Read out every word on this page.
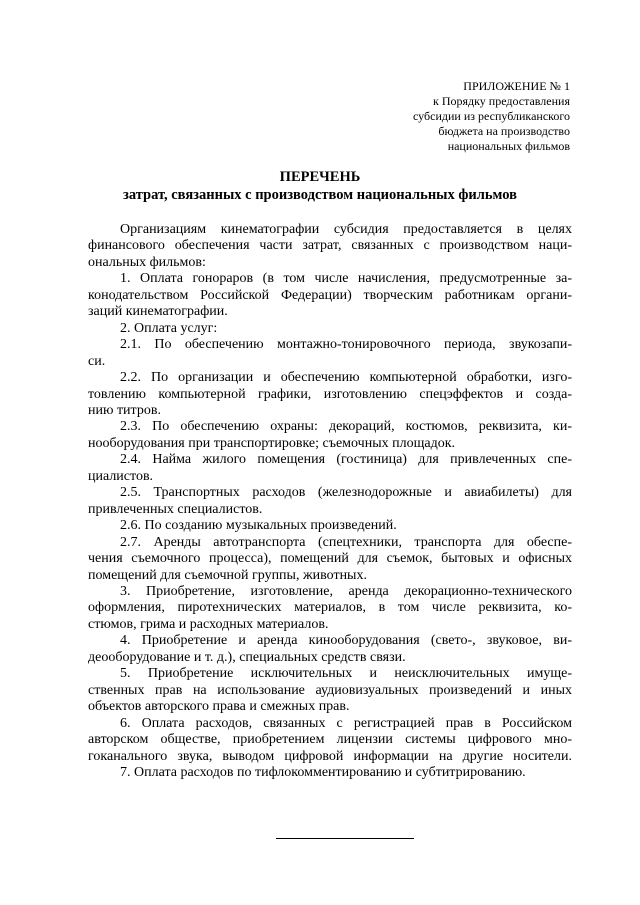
ПРИЛОЖЕНИЕ № 1
к Порядку предоставления
субсидии из республиканского
бюджета на производство
национальных фильмов
ПЕРЕЧЕНЬ
затрат, связанных с производством национальных фильмов
Организациям кинематографии субсидия предоставляется в целях
финансового обеспечения части затрат, связанных с производством наци-
ональных фильмов:
1. Оплата гонораров (в том числе начисления, предусмотренные за-
конодательством Российской Федерации) творческим работникам органи-
заций кинематографии.
2. Оплата услуг:
2.1. По обеспечению монтажно-тонировочного периода, звукозапи-
си.
2.2. По организации и обеспечению компьютерной обработки, изго-
товлению компьютерной графики, изготовлению спецэффектов и созда-
нию титров.
2.3. По обеспечению охраны: декораций, костюмов, реквизита, ки-
нооборудования при транспортировке; съемочных площадок.
2.4. Найма жилого помещения (гостиница) для привлеченных спе-
циалистов.
2.5. Транспортных расходов (железнодорожные и авиабилеты) для
привлеченных специалистов.
2.6. По созданию музыкальных произведений.
2.7. Аренды автотранспорта (спецтехники, транспорта для обеспе-
чения съемочного процесса), помещений для съемок, бытовых и офисных
помещений для съемочной группы, животных.
3. Приобретение, изготовление, аренда декорационно-технического
оформления, пиротехнических материалов, в том числе реквизита, ко-
стюмов, грима и расходных материалов.
4. Приобретение и аренда кинооборудования (свето-, звуковое, ви-
деооборудование и т. д.), специальных средств связи.
5. Приобретение исключительных и неисключительных имуще-
ственных прав на использование аудиовизуальных произведений и иных
объектов авторского права и смежных прав.
6. Оплата расходов, связанных с регистрацией прав в Российском
авторском обществе, приобретением лицензии системы цифрового мно-
гоканального звука, выводом цифровой информации на другие носители.
7. Оплата расходов по тифлокомментированию и субтитрированию.
